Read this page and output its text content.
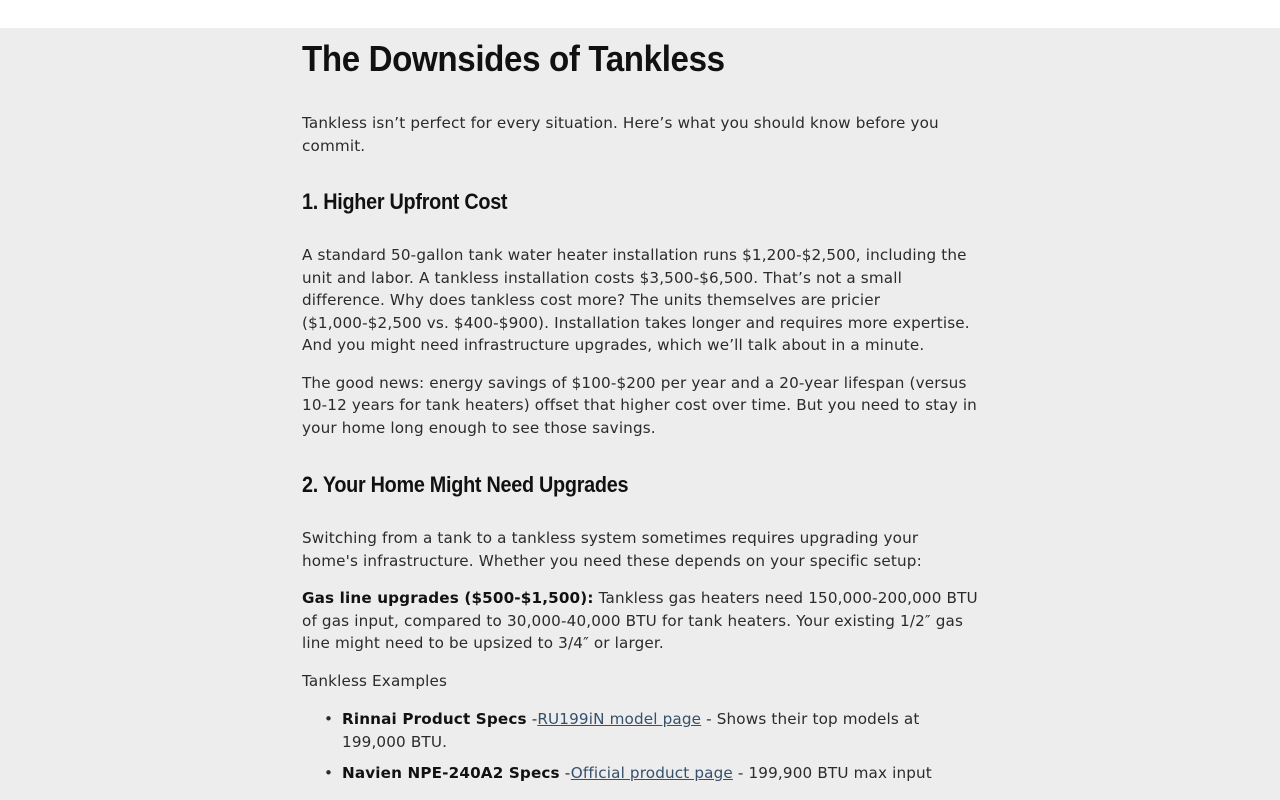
The Downsides of Tankless

Tankless isn’t perfect for every situation. Here’s what you should know before you commit.

1. Higher Upfront Cost

A standard 50-gallon tank water heater installation runs $1,200-$2,500, including the unit and labor. A tankless installation costs $3,500-$6,500. That’s not a small difference. Why does tankless cost more? The units themselves are pricier ($1,000-$2,500 vs. $400-$900). Installation takes longer and requires more expertise. And you might need infrastructure upgrades, which we’ll talk about in a minute.

The good news: energy savings of $100-$200 per year and a 20-year lifespan (versus 10-12 years for tank heaters) offset that higher cost over time. But you need to stay in your home long enough to see those savings.

2. Your Home Might Need Upgrades

Switching from a tank to a tankless system sometimes requires upgrading your home's infrastructure. Whether you need these depends on your specific setup:

Gas line upgrades ($500-$1,500): Tankless gas heaters need 150,000-200,000 BTU of gas input, compared to 30,000-40,000 BTU for tank heaters. Your existing 1/2″ gas line might need to be upsized to 3/4″ or larger.

Tankless Examples

• Rinnai Product Specs -RU199iN model page - Shows their top models at 199,000 BTU.
• Navien NPE-240A2 Specs -Official product page - 199,900 BTU max input
